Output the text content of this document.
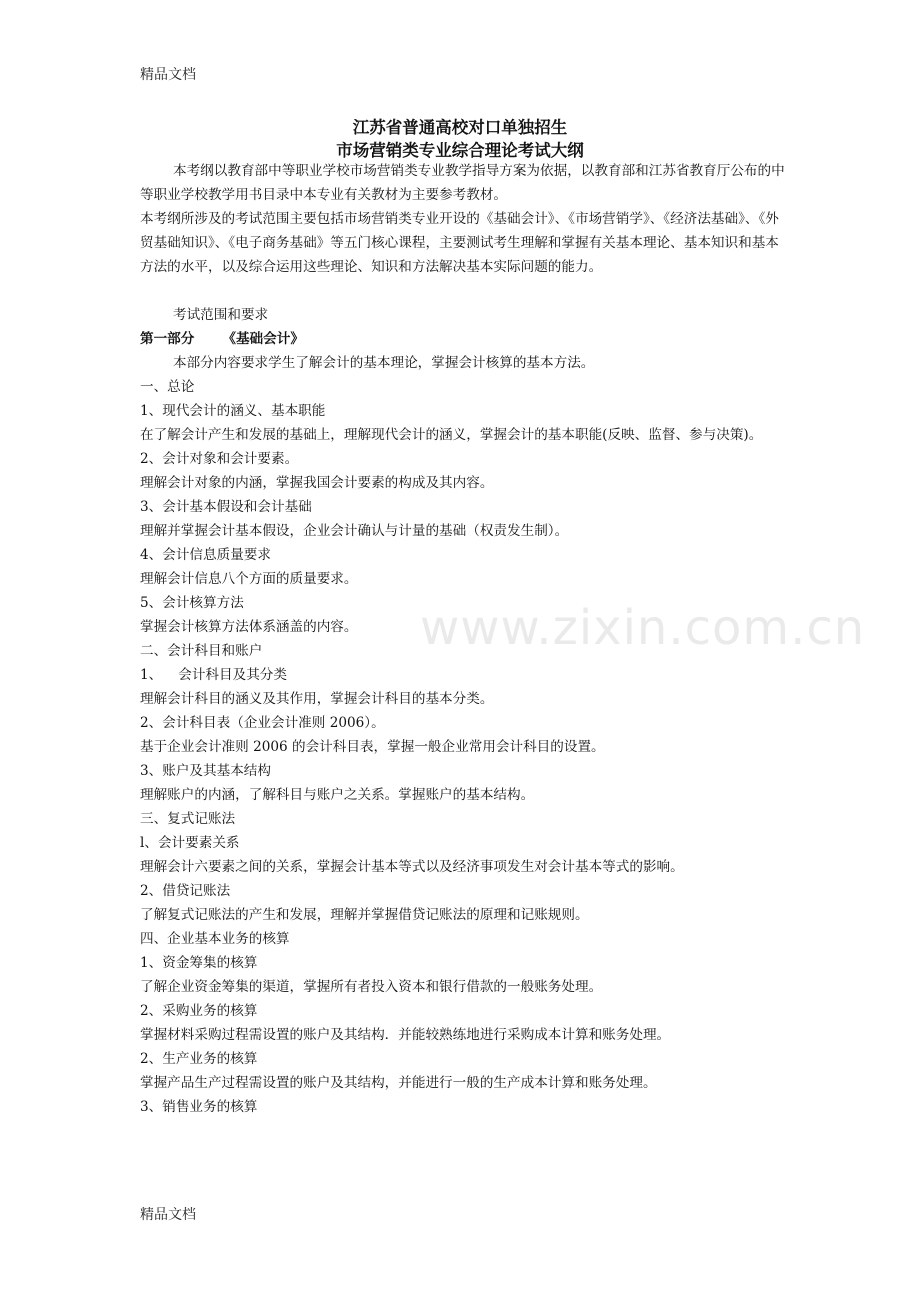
精品文档
江苏省普通高校对口单独招生
市场营销类专业综合理论考试大纲

本考纲以教育部中等职业学校市场营销类专业教学指导方案为依据，以教育部和江苏省教育厅公布的中等职业学校教学用书目录中本专业有关教材为主要参考教材。

本考纲所涉及的考试范围主要包括市场营销类专业开设的《基础会计》、《市场营销学》、《经济法基础》、《外贸基础知识》、《电子商务基础》等五门核心课程，主要测试考生理解和掌握有关基本理论、基本知识和基本方法的水平，以及综合运用这些理论、知识和方法解决基本实际问题的能力。

考试范围和要求

第一部分 《基础会计》

本部分内容要求学生了解会计的基本理论，掌握会计核算的基本方法。

一、总论

1、现代会计的涵义、基本职能

在了解会计产生和发展的基础上，理解现代会计的涵义，掌握会计的基本职能(反映、监督、参与决策)。

2、会计对象和会计要素。

理解会计对象的内涵，掌握我国会计要素的构成及其内容。

3、会计基本假设和会计基础

理解并掌握会计基本假设，企业会计确认与计量的基础（权责发生制）。

4、会计信息质量要求

理解会计信息八个方面的质量要求。

5、会计核算方法

掌握会计核算方法体系涵盖的内容。

二、会计科目和账户

1、 会计科目及其分类

理解会计科目的涵义及其作用，掌握会计科目的基本分类。

2、会计科目表（企业会计准则 2006）。

基于企业会计准则 2006 的会计科目表，掌握一般企业常用会计科目的设置。

3、账户及其基本结构

理解账户的内涵，了解科目与账户之关系。掌握账户的基本结构。

三、复式记账法

l、会计要素关系

理解会计六要素之间的关系，掌握会计基本等式以及经济事项发生对会计基本等式的影响。

2、借贷记账法

了解复式记账法的产生和发展，理解并掌握借贷记账法的原理和记账规则。

四、企业基本业务的核算

1、资金筹集的核算

了解企业资金筹集的渠道，掌握所有者投入资本和银行借款的一般账务处理。

2、采购业务的核算

掌握材料采购过程需设置的账户及其结构．并能较熟练地进行采购成本计算和账务处理。

2、生产业务的核算

掌握产品生产过程需设置的账户及其结构，并能进行一般的生产成本计算和账务处理。

3、销售业务的核算

www.zixin.com.cn
精品文档
